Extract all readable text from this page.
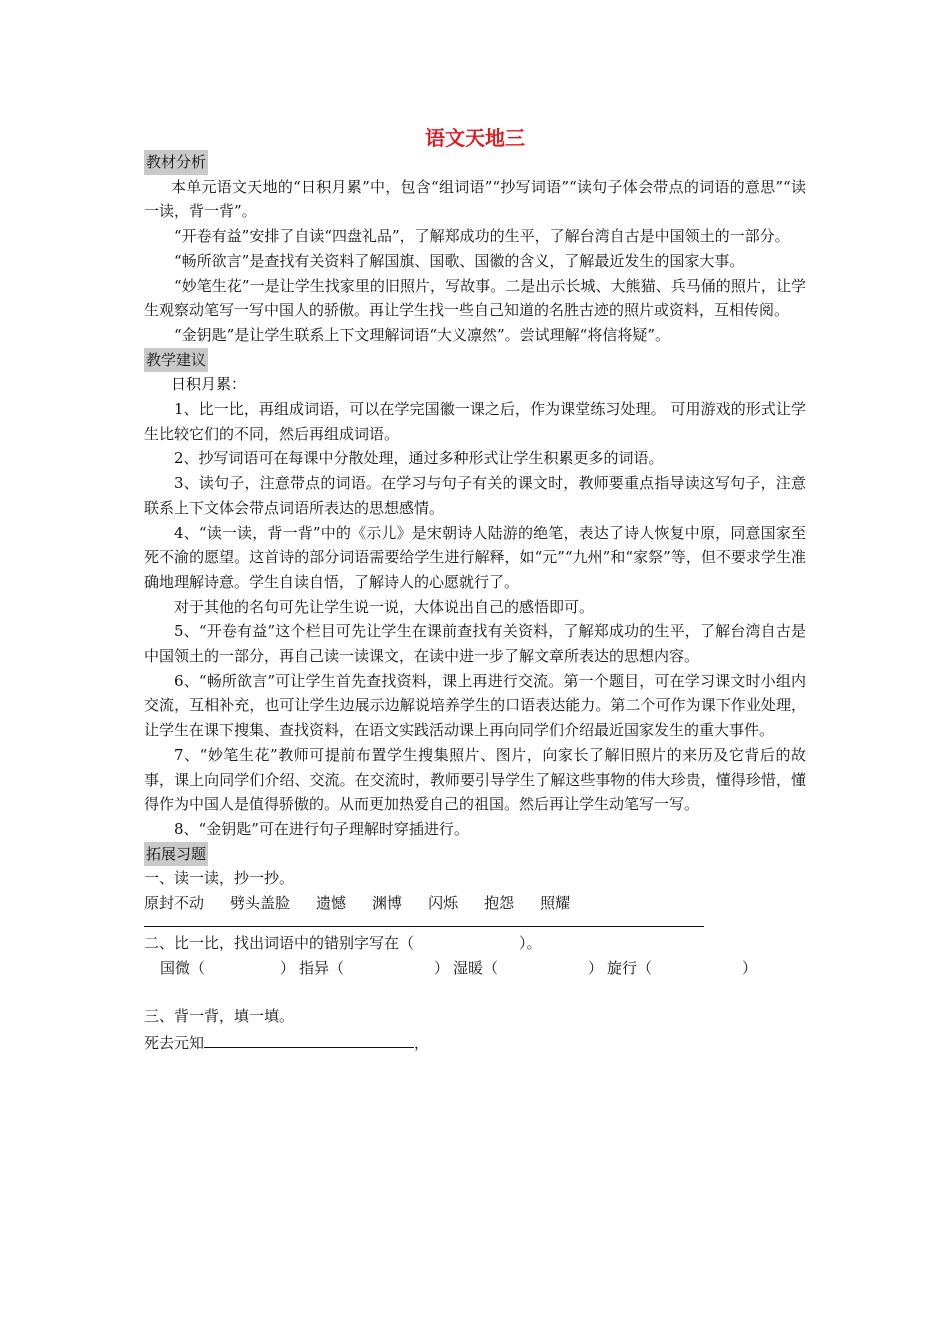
语文天地三
教材分析

本单元语文天地的“日积月累”中，包含“组词语”“抄写词语”“读句子体会带点的词语的意思”“读一读，背一背”。

“开卷有益”安排了自读“四盘礼品”，了解郑成功的生平，了解台湾自古是中国领土的一部分。

“畅所欲言”是查找有关资料了解国旗、国歌、国徽的含义，了解最近发生的国家大事。

“妙笔生花”一是让学生找家里的旧照片，写故事。二是出示长城、大熊猫、兵马俑的照片，让学生观察动笔写一写中国人的骄傲。再让学生找一些自己知道的名胜古迹的照片或资料，互相传阅。

“金钥匙”是让学生联系上下文理解词语“大义凛然”。尝试理解“将信将疑”。

教学建议

日积月累：

1、比一比，再组成词语，可以在学完国徽一课之后，作为课堂练习处理。 可用游戏的形式让学生比较它们的不同，然后再组成词语。

2、抄写词语可在每课中分散处理，通过多种形式让学生积累更多的词语。

3、读句子，注意带点的词语。在学习与句子有关的课文时，教师要重点指导读这写句子，注意联系上下文体会带点词语所表达的思想感情。

4、“读一读，背一背”中的《示儿》是宋朝诗人陆游的绝笔，表达了诗人恢复中原，同意国家至死不渝的愿望。这首诗的部分词语需要给学生进行解释，如“元”“九州”和“家祭”等，但不要求学生准确地理解诗意。学生自读自悟，了解诗人的心愿就行了。

对于其他的名句可先让学生说一说，大体说出自己的感悟即可。

5、“开卷有益”这个栏目可先让学生在课前查找有关资料，了解郑成功的生平，了解台湾自古是中国领土的一部分，再自己读一读课文，在读中进一步了解文章所表达的思想内容。

6、“畅所欲言”可让学生首先查找资料，课上再进行交流。第一个题目，可在学习课文时小组内交流，互相补充，也可让学生边展示边解说培养学生的口语表达能力。第二个可作为课下作业处理，让学生在课下搜集、查找资料，在语文实践活动课上再向同学们介绍最近国家发生的重大事件。

7、“妙笔生花”教师可提前布置学生搜集照片、图片，向家长了解旧照片的来历及它背后的故事，课上向同学们介绍、交流。在交流时，教师要引导学生了解这些事物的伟大珍贵，懂得珍惜，懂得作为中国人是值得骄傲的。从而更加热爱自己的祖国。然后再让学生动笔写一写。

8、“金钥匙”可在进行句子理解时穿插进行。

拓展习题

一、读一读，抄一抄。

原封不动 劈头盖脸 遗憾 渊博 闪烁 抱怨 照耀

二、比一比，找出词语中的错别字写在（　　　　　　　）。

国微（　　　　　） 指异（　　　　　　） 湿暖（　　　　　　） 旋行（　　　　　　）

三、背一背，填一填。

死去元知	，
